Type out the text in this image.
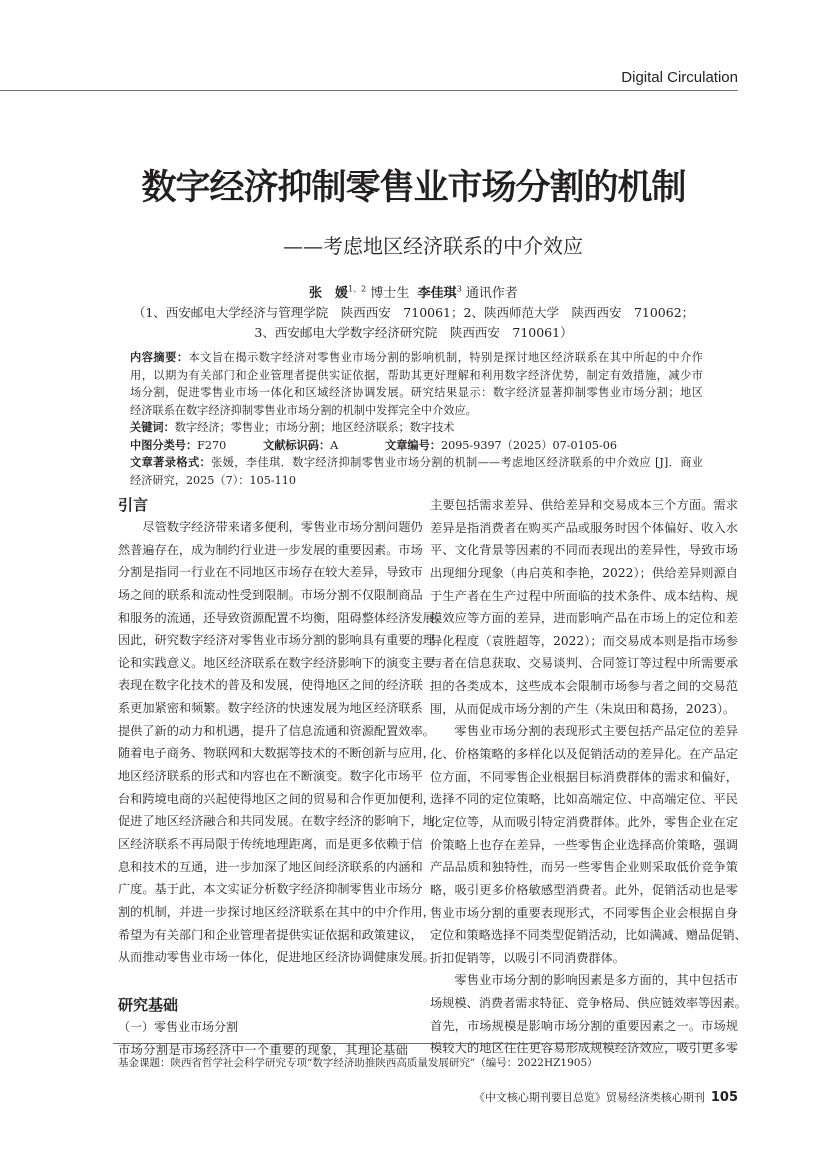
Digital Circulation
数字经济抑制零售业市场分割的机制
——考虑地区经济联系的中介效应
张　媛$^{1、2}$ 博士生 李佳琪$^3$ 通讯作者
（1、西安邮电大学经济与管理学院　陕西西安　710061；2、陕西师范大学　陕西西安　710062；
3、西安邮电大学数字经济研究院　陕西西安　710061）
内容摘要：本文旨在揭示数字经济对零售业市场分割的影响机制，特别是探讨地区经济联系在其中所起的中介作
用，以期为有关部门和企业管理者提供实证依据，帮助其更好理解和利用数字经济优势，制定有效措施，减少市
场分割，促进零售业市场一体化和区域经济协调发展。研究结果显示：数字经济显著抑制零售业市场分割；地区
经济联系在数字经济抑制零售业市场分割的机制中发挥完全中介效应。
关键词：数字经济；零售业；市场分割；地区经济联系；数字技术
中图分类号：F270	文献标识码：A	文章编号：2095-9397（2025）07-0105-06
文章著录格式：张媛，李佳琪．数字经济抑制零售业市场分割的机制——考虑地区经济联系的中介效应 [J]．商业
经济研究，2025（7）：105-110
引言
尽管数字经济带来诸多便利，零售业市场分割问题仍
然普遍存在，成为制约行业进一步发展的重要因素。市场
分割是指同一行业在不同地区市场存在较大差异，导致市
场之间的联系和流动性受到限制。市场分割不仅限制商品
和服务的流通，还导致资源配置不均衡，阻碍整体经济发展。
因此，研究数字经济对零售业市场分割的影响具有重要的理
论和实践意义。地区经济联系在数字经济影响下的演变主要
表现在数字化技术的普及和发展，使得地区之间的经济联
系更加紧密和频繁。数字经济的快速发展为地区经济联系
提供了新的动力和机遇，提升了信息流通和资源配置效率。
随着电子商务、物联网和大数据等技术的不断创新与应用，
地区经济联系的形式和内容也在不断演变。数字化市场平
台和跨境电商的兴起使得地区之间的贸易和合作更加便利，
促进了地区经济融合和共同发展。在数字经济的影响下，地
区经济联系不再局限于传统地理距离，而是更多依赖于信
息和技术的互通，进一步加深了地区间经济联系的内涵和
广度。基于此，本文实证分析数字经济抑制零售业市场分
割的机制，并进一步探讨地区经济联系在其中的中介作用，
希望为有关部门和企业管理者提供实证依据和政策建议，
从而推动零售业市场一体化，促进地区经济协调健康发展。
研究基础
（一）零售业市场分割
市场分割是市场经济中一个重要的现象，其理论基础
主要包括需求差异、供给差异和交易成本三个方面。需求
差异是指消费者在购买产品或服务时因个体偏好、收入水
平、文化背景等因素的不同而表现出的差异性，导致市场
出现细分现象（冉启英和李艳，2022）；供给差异则源自
于生产者在生产过程中所面临的技术条件、成本结构、规
模效应等方面的差异，进而影响产品在市场上的定位和差
异化程度（袁胜超等，2022）；而交易成本则是指市场参
与者在信息获取、交易谈判、合同签订等过程中所需要承
担的各类成本，这些成本会限制市场参与者之间的交易范
围，从而促成市场分割的产生（朱岚田和葛扬，2023）。
零售业市场分割的表现形式主要包括产品定位的差异
化、价格策略的多样化以及促销活动的差异化。在产品定
位方面，不同零售企业根据目标消费群体的需求和偏好，
选择不同的定位策略，比如高端定位、中高端定位、平民
化定位等，从而吸引特定消费群体。此外，零售企业在定
价策略上也存在差异，一些零售企业选择高价策略，强调
产品品质和独特性，而另一些零售企业则采取低价竞争策
略，吸引更多价格敏感型消费者。此外，促销活动也是零
售业市场分割的重要表现形式，不同零售企业会根据自身
定位和策略选择不同类型促销活动，比如满减、赠品促销、
折扣促销等，以吸引不同消费群体。
零售业市场分割的影响因素是多方面的，其中包括市
场规模、消费者需求特征、竞争格局、供应链效率等因素。
首先，市场规模是影响市场分割的重要因素之一。市场规
模较大的地区往往更容易形成规模经济效应，吸引更多零
基金课题：陕西省哲学社会科学研究专项“数字经济助推陕西高质量发展研究”（编号：2022HZ1905）
《中文核心期刊要目总览》贸易经济类核心期刊 105
